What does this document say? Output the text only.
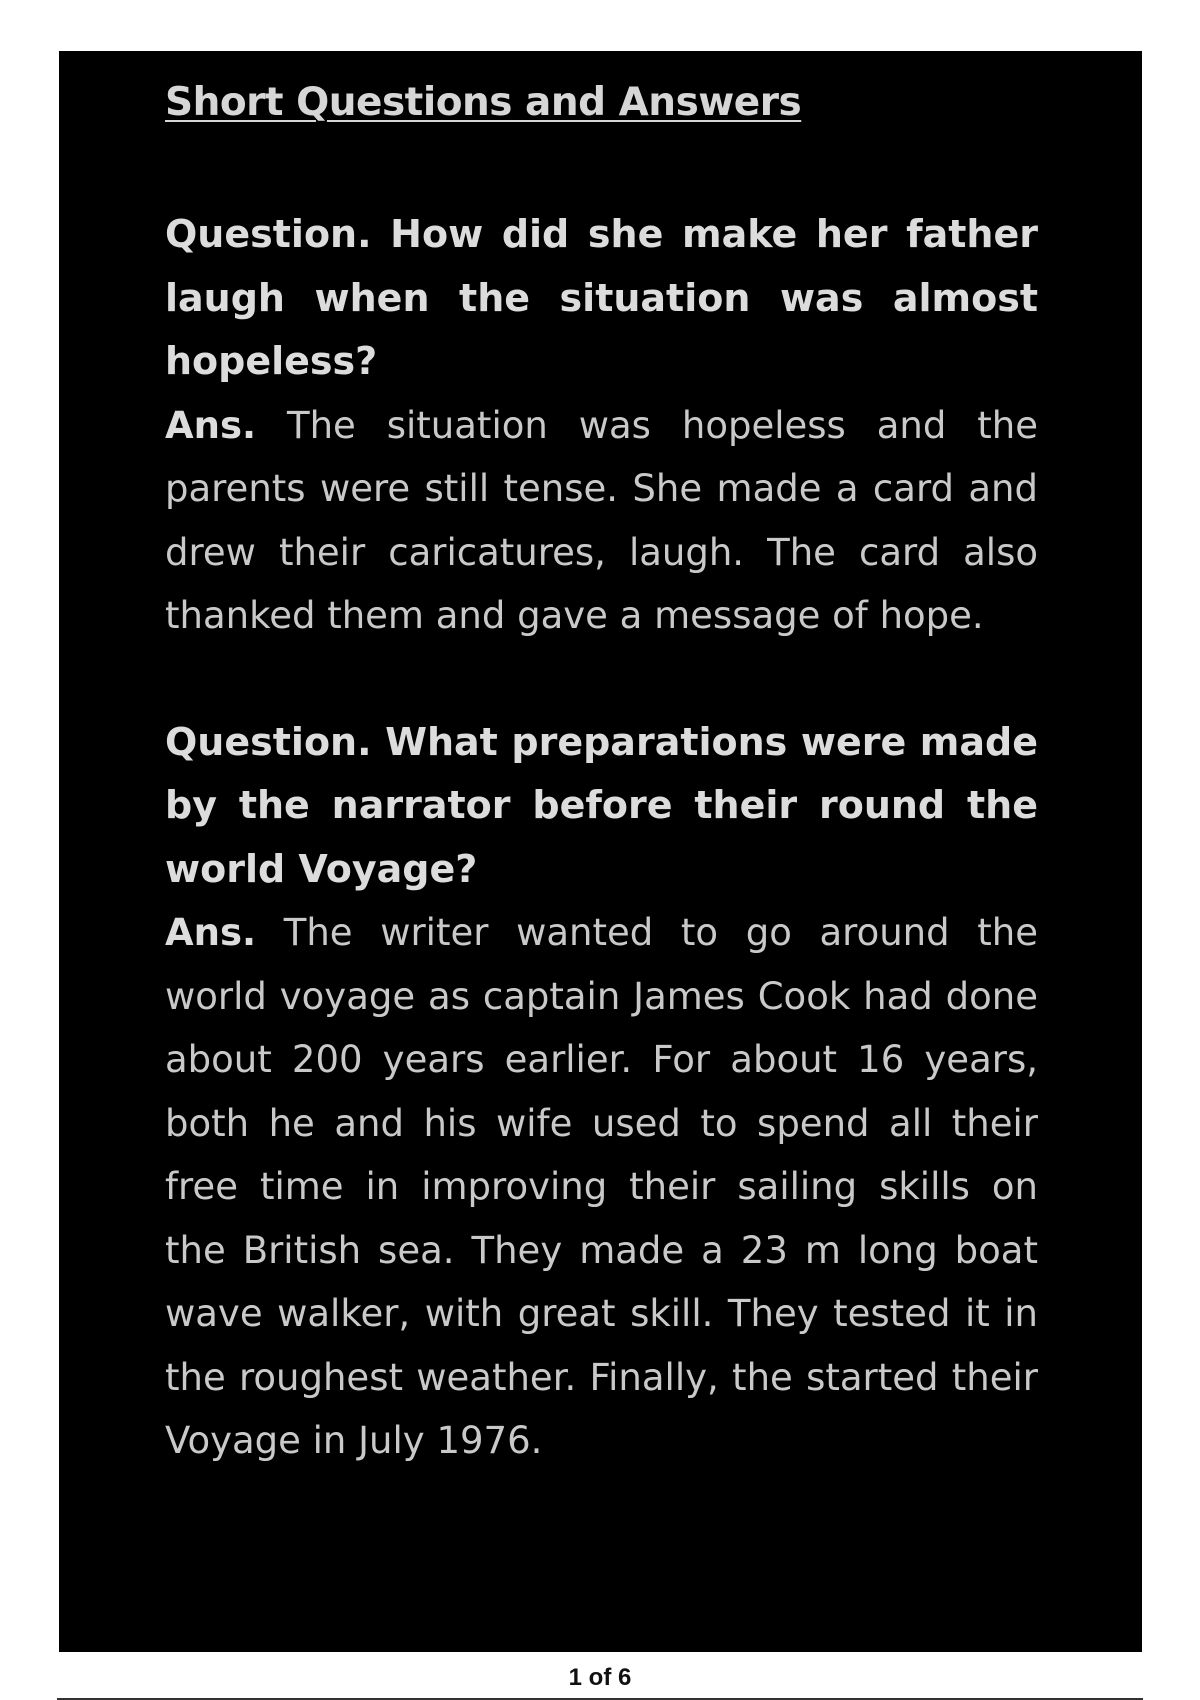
Short Questions and Answers

Question. How did she make her father laugh when the situation was almost hopeless?

Ans. The situation was hopeless and the parents were still tense. She made a card and drew their caricatures, laugh. The card also thanked them and gave a message of hope.

Question. What preparations were made by the narrator before their round the world Voyage?

Ans. The writer wanted to go around the world voyage as captain James Cook had done about 200 years earlier. For about 16 years, both he and his wife used to spend all their free time in improving their sailing skills on the British sea. They made a 23 m long boat wave walker, with great skill. They tested it in the roughest weather. Finally, the started their Voyage in July 1976.

1 of 6
